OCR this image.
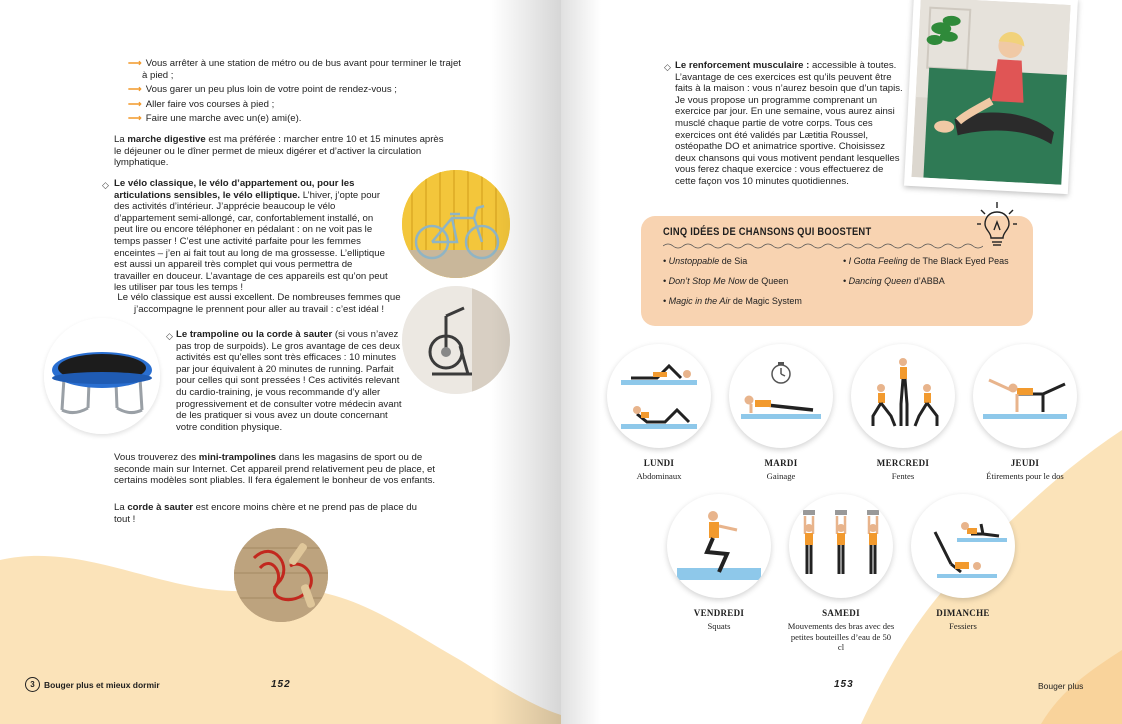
⟶ Vous arrêter à une station de métro ou de bus avant pour terminer le trajet à pied ;
⟶ Vous garer un peu plus loin de votre point de rendez-vous ;
⟶ Aller faire vos courses à pied ;
⟶ Faire une marche avec un(e) ami(e).

La marche digestive est ma préférée : marcher entre 10 et 15 minutes après le déjeuner ou le dîner permet de mieux digérer et d’activer la circulation lymphatique.

◇ Le vélo classique, le vélo d’appartement ou, pour les articulations sensibles, le vélo elliptique. L’hiver, j’opte pour des activités d’intérieur. J’apprécie beaucoup le vélo d’appartement semi-allongé, car, confortablement installé, on peut lire ou encore téléphoner en pédalant : on ne voit pas le temps passer ! C’est une activité parfaite pour les femmes enceintes – j’en ai fait tout au long de ma grossesse. L’elliptique est aussi un appareil très complet qui vous permettra de travailler en douceur. L’avantage de ces appareils est qu’on peut les utiliser par tous les temps !

Le vélo classique est aussi excellent. De nombreuses femmes que j’accompagne le prennent pour aller au travail : c’est idéal !

◇ Le trampoline ou la corde à sauter (si vous n’avez pas trop de surpoids). Le gros avantage de ces deux activités est qu’elles sont très efficaces : 10 minutes par jour équivalent à 20 minutes de running. Parfait pour celles qui sont pressées ! Ces activités relevant du cardio-training, je vous recommande d’y aller progressivement et de consulter votre médecin avant de les pratiquer si vous avez un doute concernant votre condition physique.

Vous trouverez des mini-trampolines dans les magasins de sport ou de seconde main sur Internet. Cet appareil prend relativement peu de place, et certains modèles sont pliables. Il fera également le bonheur de vos enfants.

La corde à sauter est encore moins chère et ne prend pas de place du tout !

3	Bouger plus et mieux dormir	152
◇ Le renforcement musculaire : accessible à toutes. L’avantage de ces exercices est qu’ils peuvent être faits à la maison : vous n’aurez besoin que d’un tapis. Je vous propose un programme comprenant un exercice par jour. En une semaine, vous aurez ainsi musclé chaque partie de votre corps. Tous ces exercices ont été validés par Lætitia Roussel, ostéopathe DO et animatrice sportive. Choisissez deux chansons qui vous motivent pendant lesquelles vous ferez chaque exercice : vous effectuerez de cette façon vos 10 minutes quotidiennes.

CINQ IDÉES DE CHANSONS QUI BOOSTENT
• Unstoppable de Sia
• Don’t Stop Me Now de Queen
• Magic in the Air de Magic System
• I Gotta Feeling de The Black Eyed Peas
• Dancing Queen d’ABBA
LUNDI
Abdominaux
MARDI
Gainage
MERCREDI
Fentes
JEUDI
Étirements pour le dos
VENDREDI
Squats
SAMEDI
Mouvements des bras avec des petites bouteilles d’eau de 50 cl
DIMANCHE
Fessiers
153	Bouger plus
